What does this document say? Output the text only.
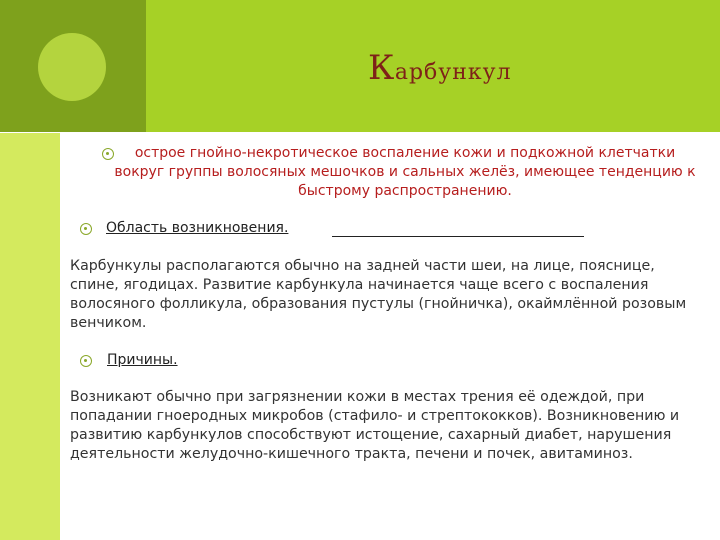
Карбункул
острое гнойно-некротическое воспаление кожи и подкожной клетчатки вокруг группы волосяных мешочков и сальных желёз, имеющее тенденцию к быстрому распространению.
Область возникновения.
Карбункулы располагаются обычно на задней части шеи, на лице, пояснице, спине, ягодицах. Развитие карбункула начинается чаще всего с воспаления волосяного фолликула, образования пустулы (гнойничка), окаймлённой розовым венчиком.
Причины.
Возникают обычно при загрязнении кожи в местах трения её одеждой, при попадании гноеродных микробов (стафило- и стрептококков). Возникновению и развитию карбункулов способствуют истощение, сахарный диабет, нарушения деятельности желудочно-кишечного тракта, печени и почек, авитаминоз.
